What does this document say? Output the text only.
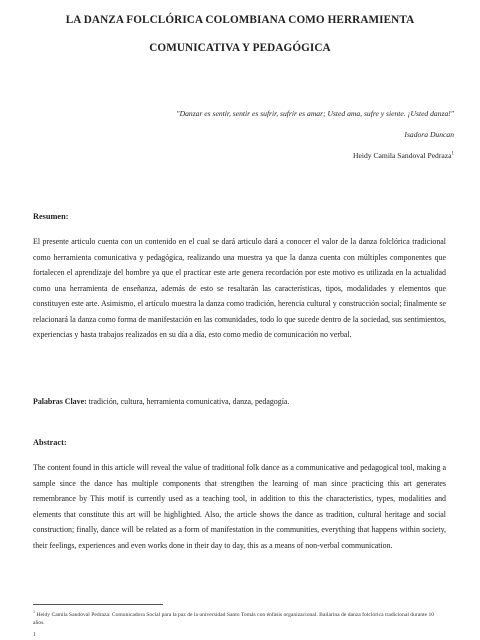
LA DANZA FOLCLÓRICA COLOMBIANA COMO HERRAMIENTA
COMUNICATIVA Y PEDAGÓGICA
"Danzar es sentir, sentir es sufrir, sufrir es amar; Usted ama, sufre y siente. ¡Usted danza!"
Isadora Duncan
Heidy Camila Sandoval Pedraza$^1$
Resumen:
El presente articulo cuenta con un contenido en el cual se dará articulo dará a conocer el valor de la danza folclórica tradicional como herramienta comunicativa y pedagógica, realizando una muestra ya que la danza cuenta con múltiples componentes que fortalecen el aprendizaje del hombre ya que el practicar este arte genera recordación por este motivo es utilizada en la actualidad como una herramienta de enseñanza, además de esto se resaltarán las características, tipos, modalidades y elementos que constituyen este arte. Asimismo, el artículo muestra la danza como tradición, herencia cultural y construcción social; finalmente se relacionará la danza como forma de manifestación en las comunidades, todo lo que sucede dentro de la sociedad, sus sentimientos, experiencias y hasta trabajos realizados en su día a día, esto como medio de comunicación no verbal.
Palabras Clave: tradición, cultura, herramienta comunicativa, danza, pedagogía.
Abstract:
The content found in this article will reveal the value of traditional folk dance as a communicative and pedagogical tool, making a sample since the dance has multiple components that strengthen the learning of man since practicing this art generates remembrance by This motif is currently used as a teaching tool, in addition to this the characteristics, types, modalities and elements that constitute this art will be highlighted. Also, the article shows the dance as tradition, cultural heritage and social construction; finally, dance will be related as a form of manifestation in the communities, everything that happens within society, their feelings, experiences and even works done in their day to day, this as a means of non-verbal communication.
$^1$ Heidy Camila Sandoval Pedraza: Comunicadora Social para la paz de la universidad Santo Tomás con énfasis organizacional. Bailarina de danza folclórica tradicional durante 10 años.
1
